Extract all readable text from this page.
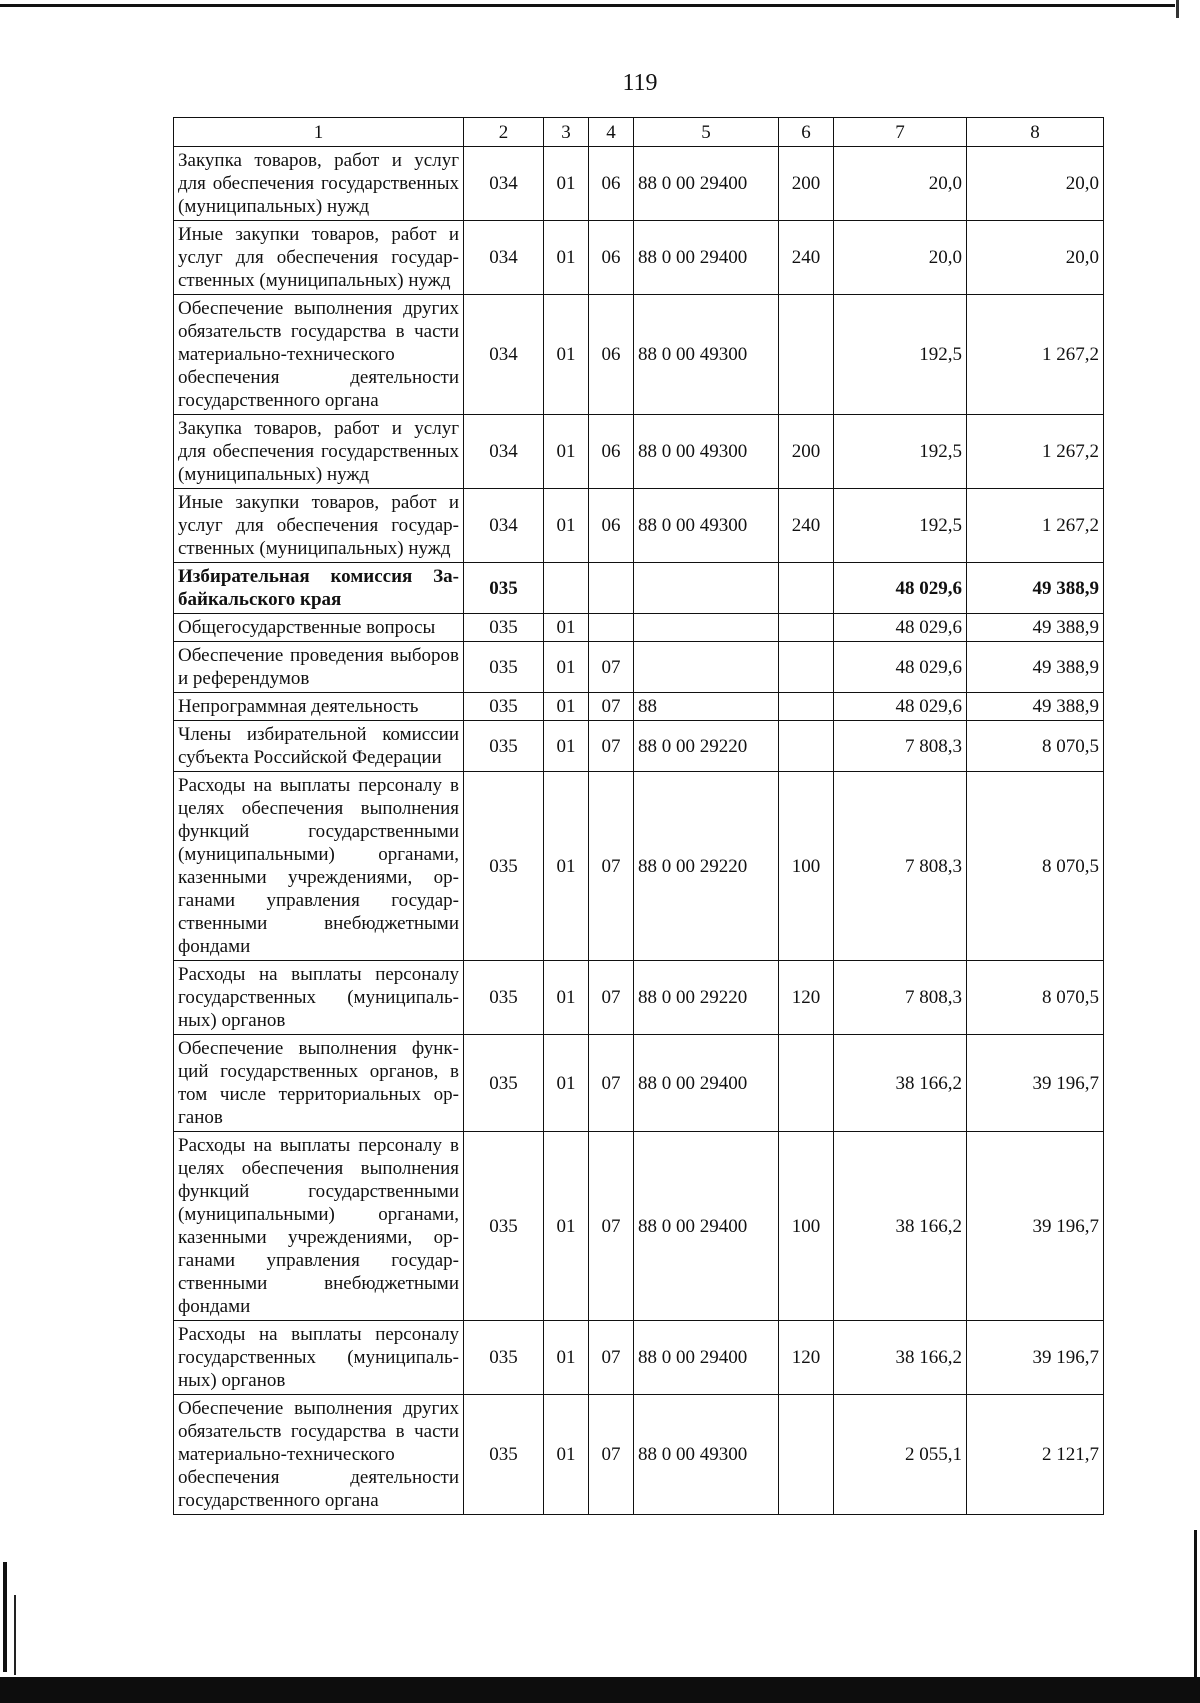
119
1	2	3	4	5	6	7	8
Закупка товаров, работ и услуг для обеспечения государственных (муниципальных) нужд	034	01	06	88 0 00 29400	200	20,0	20,0
Иные закупки товаров, работ и услуг для обеспечения государственных (муниципальных) нужд	034	01	06	88 0 00 29400	240	20,0	20,0
Обеспечение выполнения других обязательств государства в части материально-технического обеспечения деятельности государственного органа	034	01	06	88 0 00 49300		192,5	1 267,2
Закупка товаров, работ и услуг для обеспечения государственных (муниципальных) нужд	034	01	06	88 0 00 49300	200	192,5	1 267,2
Иные закупки товаров, работ и услуг для обеспечения государственных (муниципальных) нужд	034	01	06	88 0 00 49300	240	192,5	1 267,2
Избирательная комиссия Забайкальского края	035					48 029,6	49 388,9
Общегосударственные вопросы	035	01				48 029,6	49 388,9
Обеспечение проведения выборов и референдумов	035	01	07			48 029,6	49 388,9
Непрограммная деятельность	035	01	07	88		48 029,6	49 388,9
Члены избирательной комиссии субъекта Российской Федерации	035	01	07	88 0 00 29220		7 808,3	8 070,5
Расходы на выплаты персоналу в целях обеспечения выполнения функций государственными (муниципальными) органами, казенными учреждениями, органами управления государственными внебюджетными фондами	035	01	07	88 0 00 29220	100	7 808,3	8 070,5
Расходы на выплаты персоналу государственных (муниципальных) органов	035	01	07	88 0 00 29220	120	7 808,3	8 070,5
Обеспечение выполнения функций государственных органов, в том числе территориальных органов	035	01	07	88 0 00 29400		38 166,2	39 196,7
Расходы на выплаты персоналу в целях обеспечения выполнения функций государственными (муниципальными) органами, казенными учреждениями, органами управления государственными внебюджетными фондами	035	01	07	88 0 00 29400	100	38 166,2	39 196,7
Расходы на выплаты персоналу государственных (муниципальных) органов	035	01	07	88 0 00 29400	120	38 166,2	39 196,7
Обеспечение выполнения других обязательств государства в части материально-технического обеспечения деятельности государственного органа	035	01	07	88 0 00 49300		2 055,1	2 121,7
